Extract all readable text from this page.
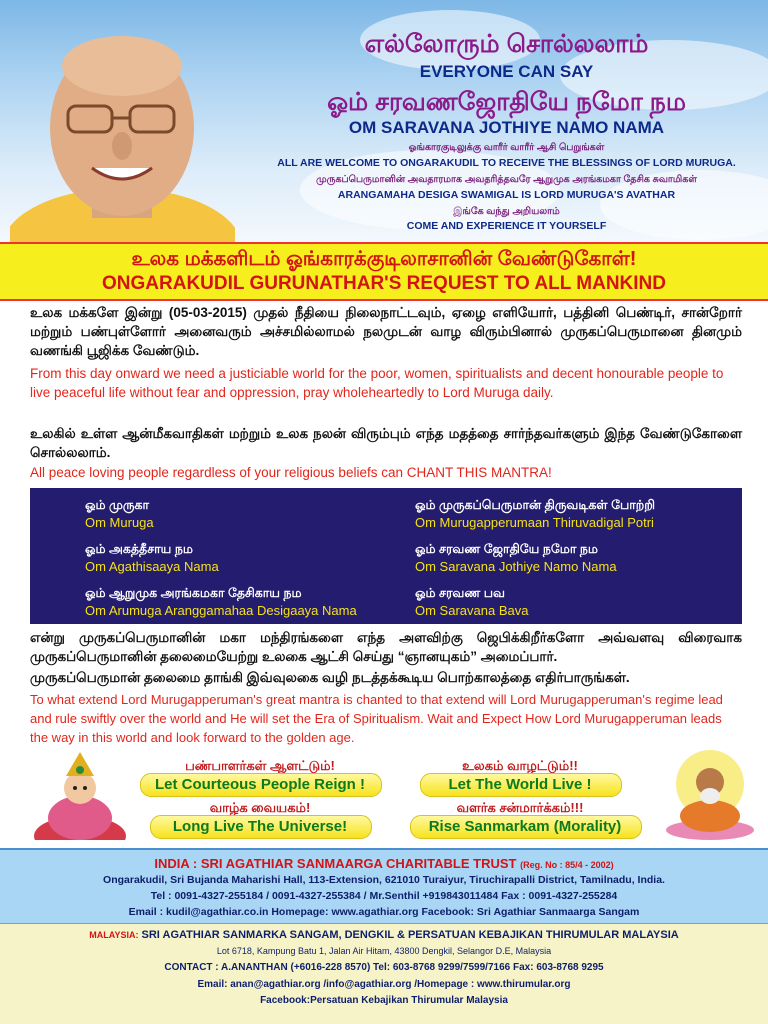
எல்லோரும் சொல்லலாம்
EVERYONE CAN SAY
ஓம் சரவணஜோதியே நமோ நம
OM SARAVANA JOTHIYE NAMO NAMA
ஓங்காரகுடிலுக்கு வாரீர் வாரீர் ஆசி பெறுங்கள்
ALL ARE WELCOME TO ONGARAKUDIL TO RECEIVE THE BLESSINGS OF LORD MURUGA.
முருகப்பெருமானின் அவதாரமாக அவதரித்தவரே ஆறுமுக அரங்கமகா தேசிக சுவாமிகள்
ARANGAMAHA DESIGA SWAMIGAL IS LORD MURUGA'S AVATHAR
இங்கே வந்து அறியலாம்
COME AND EXPERIENCE IT YOURSELF
உலக மக்களிடம் ஓங்காரக்குடிலாசானின் வேண்டுகோள்!
ONGARAKUDIL GURUNATHAR'S REQUEST TO ALL MANKIND
உலக மக்களே இன்று (05-03-2015) முதல் நீதியை நிலைநாட்டவும், ஏழை எளியோர், பத்தினி பெண்டிர், சான்றோர் மற்றும் பண்புள்ளோர் அனைவரும் அச்சமில்லாமல் நலமுடன் வாழ விரும்பினால் முருகப்பெருமானை தினமும் வணங்கி பூஜிக்க வேண்டும்.
From this day onward we need a justiciable world for the poor, women, spiritualists and decent honourable people to live peaceful life without fear and oppression, pray wholeheartedly to Lord Muruga daily.
உலகில் உள்ள ஆன்மீகவாதிகள் மற்றும் உலக நலன் விரும்பும் எந்த மதத்தை சார்ந்தவர்களும் இந்த வேண்டுகோளை சொல்லலாம்.
All peace loving people regardless of your religious beliefs can CHANT THIS MANTRA!
ஓம் முருகா
Om Muruga
ஓம் முருகப்பெருமான் திருவடிகள் போற்றி
Om Murugapperumaan Thiruvadigal Potri
ஓம் அகத்தீசாய நம
Om Agathisaaya Nama
ஓம் சரவண ஜோதியே நமோ நம
Om Saravana Jothiye Namo Nama
ஓம் ஆறுமுக அரங்கமகா தேசிகாய நம
Om Arumuga Aranggamahaa Desigaaya Nama
ஓம் சரவண பவ
Om Saravana Bava
என்று முருகப்பெருமானின் மகா மந்திரங்களை எந்த அளவிற்கு ஜெபிக்கிறீர்களோ அவ்வளவு விரைவாக முருகப்பெருமானின் தலைமையேற்று உலகை ஆட்சி செய்து “ஞானயுகம்” அமைப்பார்.
முருகப்பெருமான் தலைமை தாங்கி இவ்வுலகை வழி நடத்தக்கூடிய பொற்காலத்தை எதிர்பாருங்கள்.
To what extend Lord Murugapperuman's great mantra is chanted to that extend will Lord Murugapperuman's regime lead and rule swiftly over the world and He will set the Era of Spiritualism. Wait and Expect How Lord Murugapperuman leads the way in this world and look forward to the golden age.
பண்பாளர்கள் ஆளட்டும்!
Let Courteous People Reign !
உலகம் வாழட்டும்!!
Let The World Live !
வாழ்க வையகம்!
Long Live The Universe!
வளர்க சன்மார்க்கம்!!!
Rise Sanmarkam (Morality)
INDIA : SRI AGATHIAR SANMAARGA CHARITABLE TRUST (Reg. No : 85/4 - 2002)
Ongarakudil, Sri Bujanda Maharishi Hall, 113-Extension, 621010 Turaiyur, Tiruchirapalli District, Tamilnadu, India.
Tel : 0091-4327-255184 / 0091-4327-255384 / Mr.Senthil +919843011484 Fax : 0091-4327-255284
Email : kudil@agathiar.co.in Homepage: www.agathiar.org Facebook: Sri Agathiar Sanmaarga Sangam
MALAYSIA: SRI AGATHIAR SANMARKA SANGAM, DENGKIL & PERSATUAN KEBAJIKAN THIRUMULAR MALAYSIA
Lot 6718, Kampung Batu 1, Jalan Air Hitam, 43800 Dengkil, Selangor D.E, Malaysia
CONTACT : A.ANANTHAN (+6016-228 8570) Tel: 603-8768 9299/7599/7166 Fax: 603-8768 9295
Email: anan@agathiar.org /info@agathiar.org /Homepage : www.thirumular.org
Facebook:Persatuan Kebajikan Thirumular Malaysia
